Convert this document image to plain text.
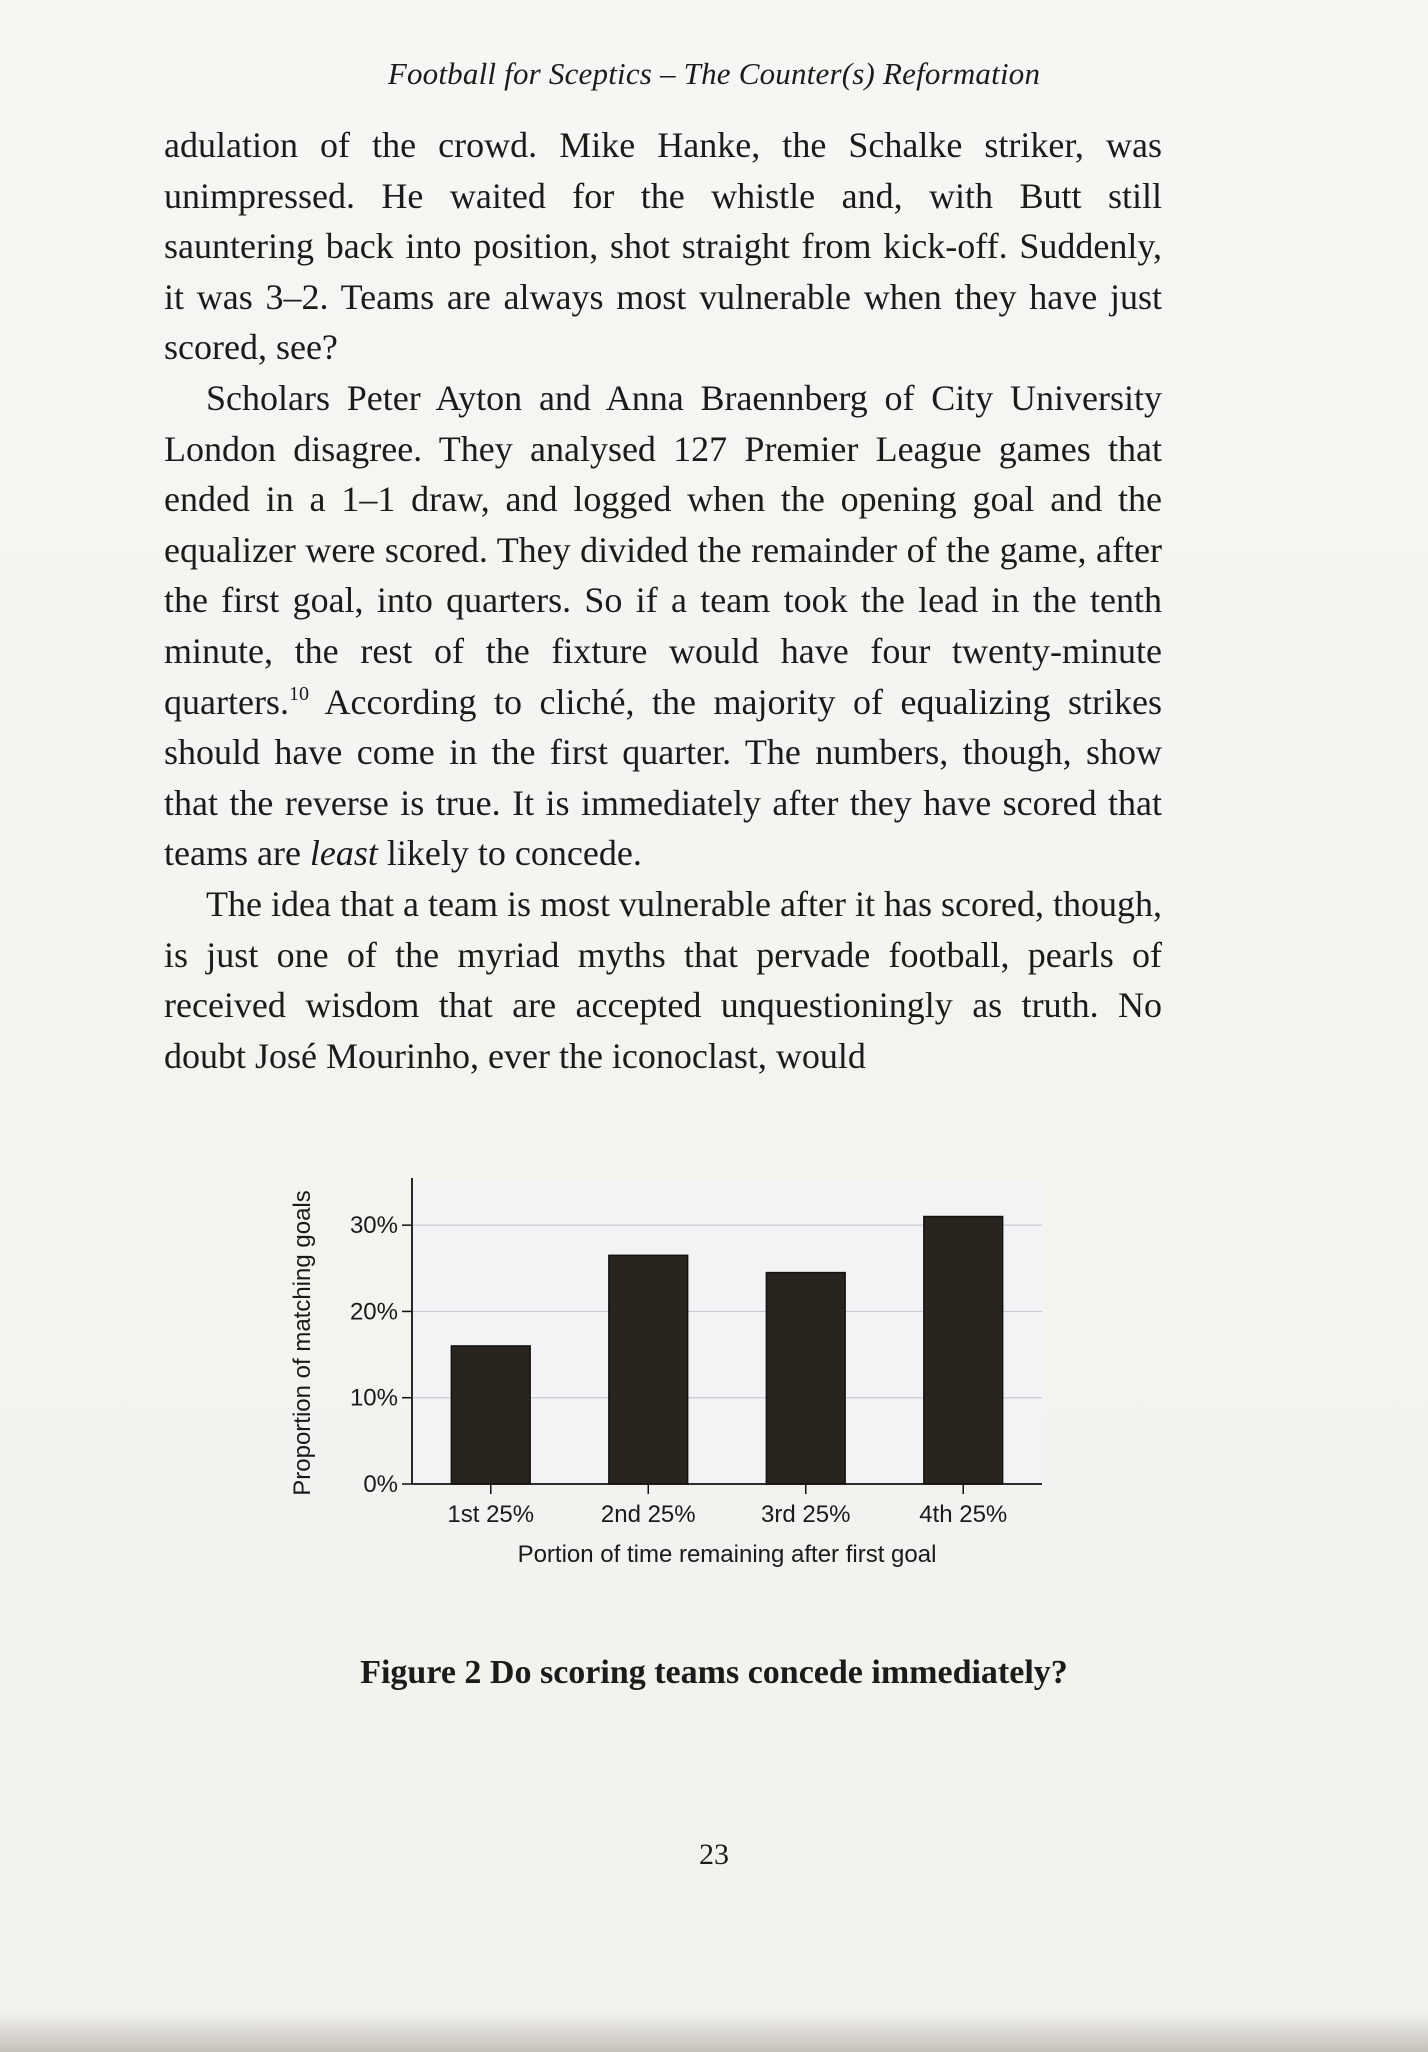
Football for Sceptics – The Counter(s) Reformation

adulation of the crowd. Mike Hanke, the Schalke striker, was unimpressed. He waited for the whistle and, with Butt still sauntering back into position, shot straight from kick-off. Suddenly, it was 3–2. Teams are always most vulnerable when they have just scored, see?

Scholars Peter Ayton and Anna Braennberg of City University London disagree. They analysed 127 Premier League games that ended in a 1–1 draw, and logged when the opening goal and the equalizer were scored. They divided the remainder of the game, after the first goal, into quarters. So if a team took the lead in the tenth minute, the rest of the fixture would have four twenty-minute quarters.$^{10}$ According to cliché, the majority of equalizing strikes should have come in the first quarter. The numbers, though, show that the reverse is true. It is immediately after they have scored that teams are least likely to concede.

The idea that a team is most vulnerable after it has scored, though, is just one of the myriad myths that pervade football, pearls of received wisdom that are accepted unquestioningly as truth. No doubt José Mourinho, ever the iconoclast, would

1st 25%	2nd 25%	3rd 25%	4th 25%
0%
10%
20%
30%
Portion of time remaining after first goal
Proportion of matching goals
Figure 2 Do scoring teams concede immediately?
23
